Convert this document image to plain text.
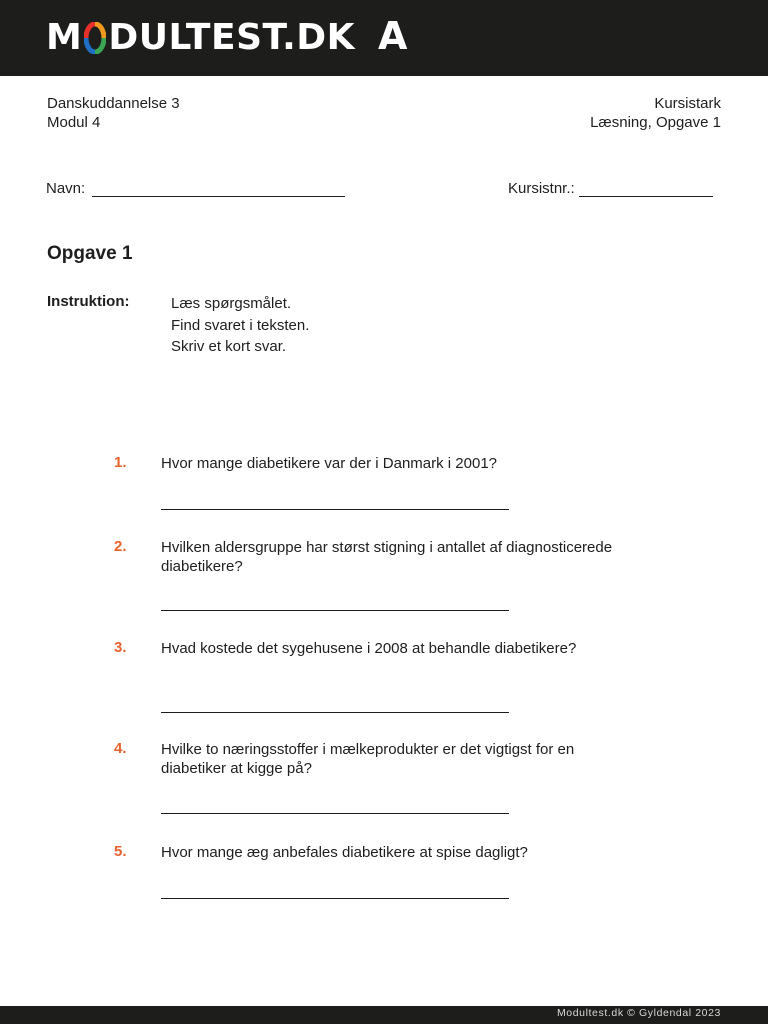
M DULTEST.DK A
Danskuddannelse 3
Modul 4
Kursistark
Læsning, Opgave 1
Navn:	Kursistnr.:
Opgave 1
Instruktion:	Læs spørgsmålet.
Find svaret i teksten.
Skriv et kort svar.
1. Hvor mange diabetikere var der i Danmark i 2001?
2. Hvilken aldersgruppe har størst stigning i antallet af diagnosticerede diabetikere?
3. Hvad kostede det sygehusene i 2008 at behandle diabetikere?
4. Hvilke to næringsstoffer i mælkeprodukter er det vigtigst for en diabetiker at kigge på?
5. Hvor mange æg anbefales diabetikere at spise dagligt?
Modultest.dk © Gyldendal 2023
